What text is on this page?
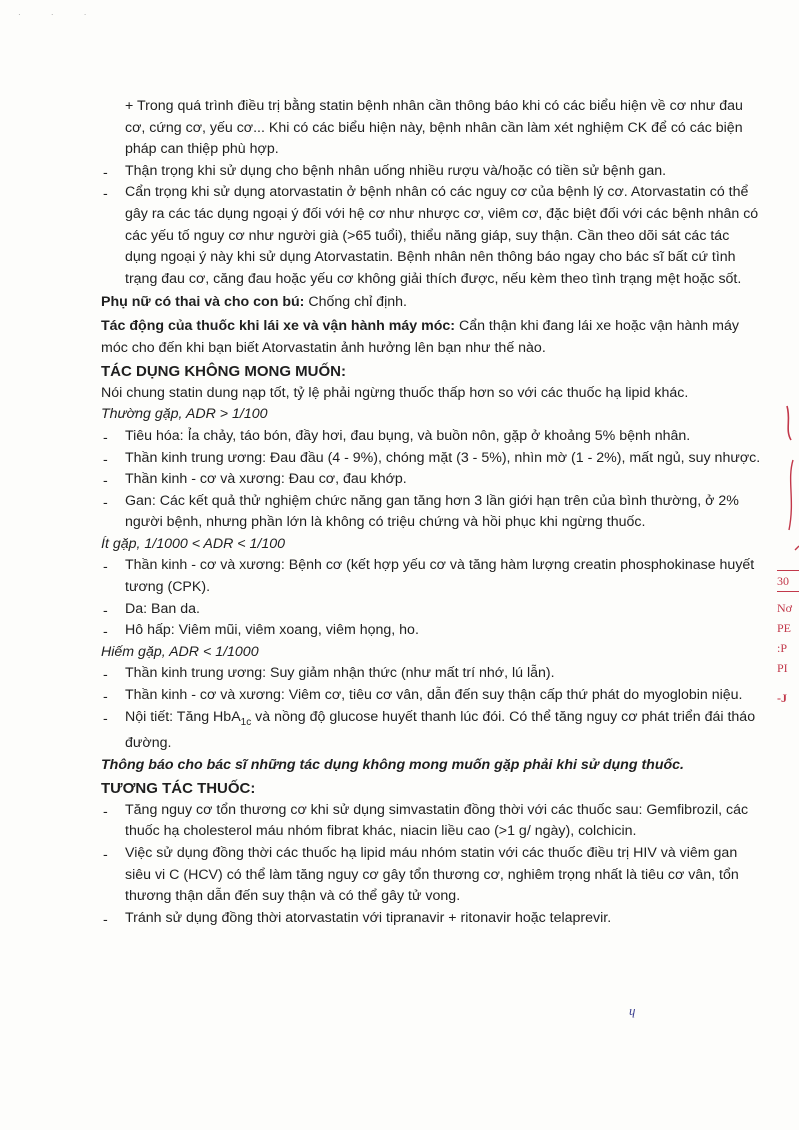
· · ·

+ Trong quá trình điều trị bằng statin bệnh nhân cần thông báo khi có các biểu hiện về cơ như đau cơ, cứng cơ, yếu cơ... Khi có các biểu hiện này, bệnh nhân cần làm xét nghiệm CK để có các biện pháp can thiệp phù hợp.

- Thận trọng khi sử dụng cho bệnh nhân uống nhiều rượu và/hoặc có tiền sử bệnh gan.

- Cẩn trọng khi sử dụng atorvastatin ở bệnh nhân có các nguy cơ của bệnh lý cơ. Atorvastatin có thể gây ra các tác dụng ngoại ý đối với hệ cơ như nhược cơ, viêm cơ, đặc biệt đối với các bệnh nhân có các yếu tố nguy cơ như người già (>65 tuổi), thiểu năng giáp, suy thận. Cần theo dõi sát các tác dụng ngoại ý này khi sử dụng Atorvastatin. Bệnh nhân nên thông báo ngay cho bác sĩ bất cứ tình trạng đau cơ, căng đau hoặc yếu cơ không giải thích được, nếu kèm theo tình trạng mệt hoặc sốt.

Phụ nữ có thai và cho con bú: Chống chỉ định.

Tác động của thuốc khi lái xe và vận hành máy móc: Cẩn thận khi đang lái xe hoặc vận hành máy móc cho đến khi bạn biết Atorvastatin ảnh hưởng lên bạn như thế nào.

TÁC DỤNG KHÔNG MONG MUỐN:

Nói chung statin dung nạp tốt, tỷ lệ phải ngừng thuốc thấp hơn so với các thuốc hạ lipid khác.

Thường gặp, ADR > 1/100

- Tiêu hóa: Ỉa chảy, táo bón, đầy hơi, đau bụng, và buồn nôn, gặp ở khoảng 5% bệnh nhân.

- Thần kinh trung ương: Đau đầu (4 - 9%), chóng mặt (3 - 5%), nhìn mờ (1 - 2%), mất ngủ, suy nhược.

- Thần kinh - cơ và xương: Đau cơ, đau khớp.

- Gan: Các kết quả thử nghiệm chức năng gan tăng hơn 3 lần giới hạn trên của bình thường, ở 2% người bệnh, nhưng phần lớn là không có triệu chứng và hồi phục khi ngừng thuốc.

Ít gặp, 1/1000 < ADR < 1/100

- Thần kinh - cơ và xương: Bệnh cơ (kết hợp yếu cơ và tăng hàm lượng creatin phosphokinase huyết tương (CPK).

- Da: Ban da.

- Hô hấp: Viêm mũi, viêm xoang, viêm họng, ho.

Hiếm gặp, ADR < 1/1000

- Thần kinh trung ương: Suy giảm nhận thức (như mất trí nhớ, lú lẫn).

- Thần kinh - cơ và xương: Viêm cơ, tiêu cơ vân, dẫn đến suy thận cấp thứ phát do myoglobin niệu.

- Nội tiết: Tăng HbA$_{1c}$ và nồng độ glucose huyết thanh lúc đói. Có thể tăng nguy cơ phát triển đái tháo đường.

Thông báo cho bác sĩ những tác dụng không mong muốn gặp phải khi sử dụng thuốc.

TƯƠNG TÁC THUỐC:

- Tăng nguy cơ tổn thương cơ khi sử dụng simvastatin đồng thời với các thuốc sau: Gemfibrozil, các thuốc hạ cholesterol máu nhóm fibrat khác, niacin liều cao (>1 g/ ngày), colchicin.

- Việc sử dụng đồng thời các thuốc hạ lipid máu nhóm statin với các thuốc điều trị HIV và viêm gan siêu vi C (HCV) có thể làm tăng nguy cơ gây tổn thương cơ, nghiêm trọng nhất là tiêu cơ vân, tổn thương thận dẫn đến suy thận và có thể gây tử vong.

- Tránh sử dụng đồng thời atorvastatin với tipranavir + ritonavir hoặc telaprevir.

ɥ
30
Nơ
PE
:P
PI
-J
